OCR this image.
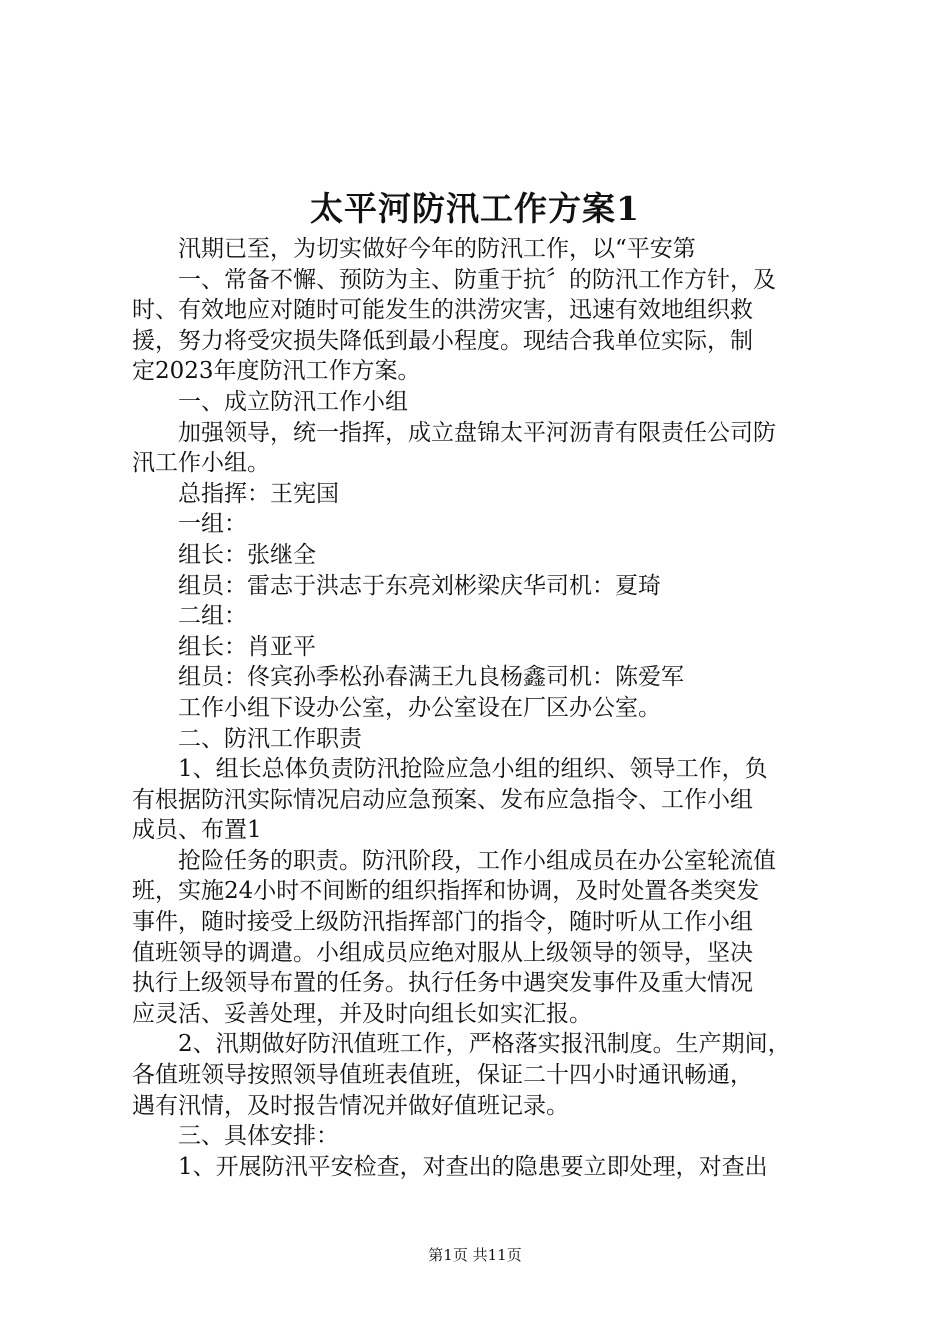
太平河防汛工作方案1
汛期已至，为切实做好今年的防汛工作，以“平安第
一、常备不懈、预防为主、防重于抗〞的防汛工作方针，及
时、有效地应对随时可能发生的洪涝灾害，迅速有效地组织救
援，努力将受灾损失降低到最小程度。现结合我单位实际，制
定2023年度防汛工作方案。
一、成立防汛工作小组
加强领导，统一指挥，成立盘锦太平河沥青有限责任公司防
汛工作小组。
总指挥：王宪国
一组：
组长：张继全
组员：雷志于洪志于东亮刘彬梁庆华司机：夏琦
二组：
组长：肖亚平
组员：佟宾孙季松孙春满王九良杨鑫司机：陈爱军
工作小组下设办公室，办公室设在厂区办公室。
二、防汛工作职责
1、组长总体负责防汛抢险应急小组的组织、领导工作，负
有根据防汛实际情况启动应急预案、发布应急指令、工作小组
成员、布置1
抢险任务的职责。防汛阶段，工作小组成员在办公室轮流值
班，实施24小时不间断的组织指挥和协调，及时处置各类突发
事件，随时接受上级防汛指挥部门的指令，随时听从工作小组
值班领导的调遣。小组成员应绝对服从上级领导的领导，坚决
执行上级领导布置的任务。执行任务中遇突发事件及重大情况
应灵活、妥善处理，并及时向组长如实汇报。
2、汛期做好防汛值班工作，严格落实报汛制度。生产期间，
各值班领导按照领导值班表值班，保证二十四小时通讯畅通，
遇有汛情，及时报告情况并做好值班记录。
三、具体安排：
1、开展防汛平安检查，对查出的隐患要立即处理，对查出
第1页 共11页
